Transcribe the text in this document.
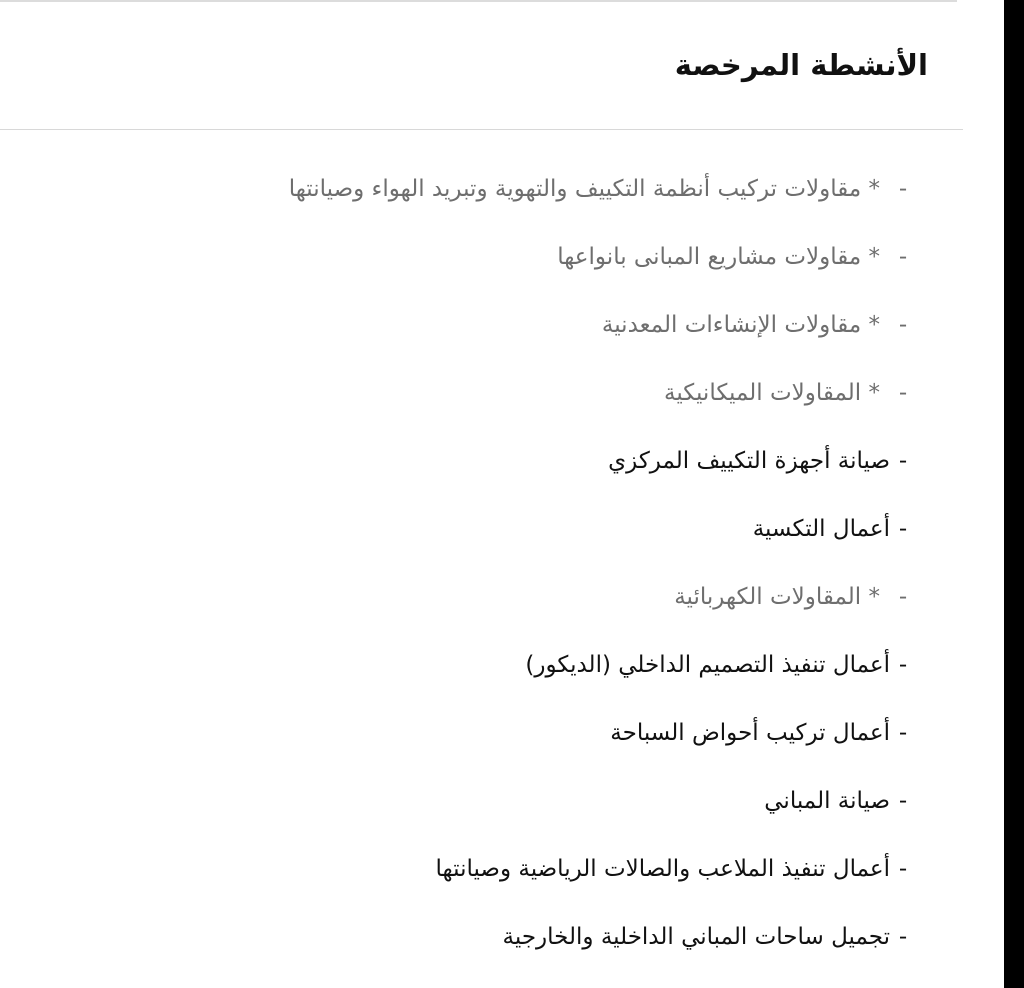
الأنشطة المرخصة
-
* مقاولات تركيب أنظمة التكييف والتهوية وتبريد الهواء وصيانتها
-
* مقاولات مشاريع المبانى بانواعها
-
* مقاولات الإنشاءات المعدنية
-
* المقاولات الميكانيكية
-
صيانة أجهزة التكييف المركزي
-
أعمال التكسية
-
* المقاولات الكهربائية
-
أعمال تنفيذ التصميم الداخلي (الديكور)
-
أعمال تركيب أحواض السباحة
-
صيانة المباني
-
أعمال تنفيذ الملاعب والصالات الرياضية وصيانتها
-
تجميل ساحات المباني الداخلية والخارجية
